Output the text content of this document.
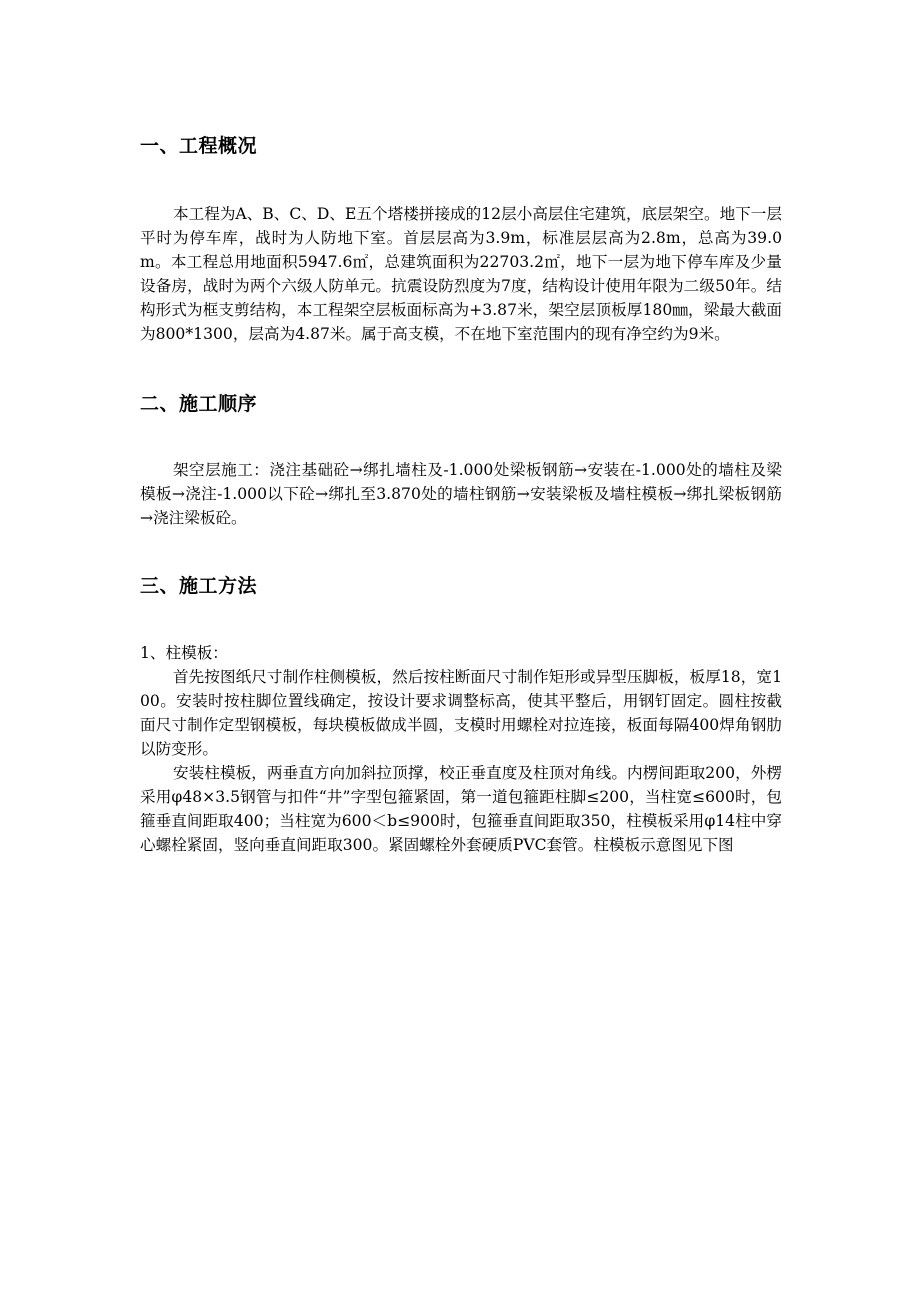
一、工程概况

本工程为A、B、C、D、E五个塔楼拼接成的12层小高层住宅建筑，底层架空。地下一层平时为停车库，战时为人防地下室。首层层高为3.9m，标准层层高为2.8m，总高为39.0m。本工程总用地面积5947.6㎡，总建筑面积为22703.2㎡，地下一层为地下停车库及少量设备房，战时为两个六级人防单元。抗震设防烈度为7度，结构设计使用年限为二级50年。结构形式为框支剪结构，本工程架空层板面标高为+3.87米，架空层顶板厚180㎜，梁最大截面为800*1300，层高为4.87米。属于高支模，不在地下室范围内的现有净空约为9米。

二、施工顺序

架空层施工：浇注基础砼→绑扎墙柱及-1.000处梁板钢筋→安装在-1.000处的墙柱及梁模板→浇注-1.000以下砼→绑扎至3.870处的墙柱钢筋→安装梁板及墙柱模板→绑扎梁板钢筋→浇注梁板砼。

三、施工方法

1、柱模板：

首先按图纸尺寸制作柱侧模板，然后按柱断面尺寸制作矩形或异型压脚板，板厚18，宽100。安装时按柱脚位置线确定，按设计要求调整标高，使其平整后，用钢钉固定。圆柱按截面尺寸制作定型钢模板，每块模板做成半圆，支模时用螺栓对拉连接，板面每隔400焊角钢肋以防变形。

安装柱模板，两垂直方向加斜拉顶撑，校正垂直度及柱顶对角线。内楞间距取200，外楞采用φ48×3.5钢管与扣件“井”字型包箍紧固，第一道包箍距柱脚≤200，当柱宽≤600时，包箍垂直间距取400；当柱宽为600＜b≤900时，包箍垂直间距取350，柱模板采用φ14柱中穿心螺栓紧固，竖向垂直间距取300。紧固螺栓外套硬质PVC套管。柱模板示意图见下图
